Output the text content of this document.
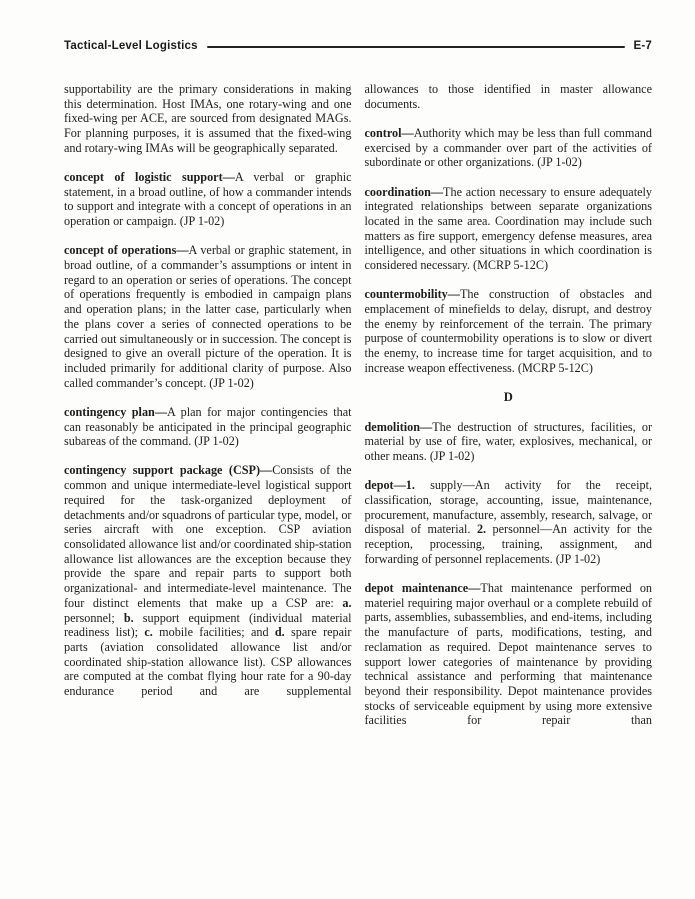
Tactical-Level Logistics	E-7

supportability are the primary considerations in making this determination. Host IMAs, one rotary-wing and one fixed-wing per ACE, are sourced from designated MAGs. For planning purposes, it is assumed that the fixed-wing and rotary-wing IMAs will be geographically separated.

concept of logistic support—A verbal or graphic statement, in a broad outline, of how a commander intends to support and integrate with a concept of operations in an operation or campaign. (JP 1-02)

concept of operations—A verbal or graphic statement, in broad outline, of a commander’s assumptions or intent in regard to an operation or series of operations. The concept of operations frequently is embodied in campaign plans and operation plans; in the latter case, particularly when the plans cover a series of connected operations to be carried out simultaneously or in succession. The concept is designed to give an overall picture of the operation. It is included primarily for additional clarity of purpose. Also called commander’s concept. (JP 1-02)

contingency plan—A plan for major contingencies that can reasonably be anticipated in the principal geographic subareas of the command. (JP 1-02)

contingency support package (CSP)—Consists of the common and unique intermediate-level logistical support required for the task-organized deployment of detachments and/or squadrons of particular type, model, or series aircraft with one exception. CSP aviation consolidated allowance list and/or coordinated ship-station allowance list allowances are the exception because they provide the spare and repair parts to support both organizational- and intermediate-level maintenance. The four distinct elements that make up a CSP are: a. personnel; b. support equipment (individual material readiness list); c. mobile facilities; and d. spare repair parts (aviation consolidated allowance list and/or coordinated ship-station allowance list). CSP allowances are computed at the combat flying hour rate for a 90-day endurance period and are supplemental

allowances to those identified in master allowance documents.

control—Authority which may be less than full command exercised by a commander over part of the activities of subordinate or other organizations. (JP 1-02)

coordination—The action necessary to ensure adequately integrated relationships between separate organizations located in the same area. Coordination may include such matters as fire support, emergency defense measures, area intelligence, and other situations in which coordination is considered necessary. (MCRP 5-12C)

countermobility—The construction of obstacles and emplacement of minefields to delay, disrupt, and destroy the enemy by reinforcement of the terrain. The primary purpose of countermobility operations is to slow or divert the enemy, to increase time for target acquisition, and to increase weapon effectiveness. (MCRP 5-12C)

D

demolition—The destruction of structures, facilities, or material by use of fire, water, explosives, mechanical, or other means. (JP 1-02)

depot—1. supply—An activity for the receipt, classification, storage, accounting, issue, maintenance, procurement, manufacture, assembly, research, salvage, or disposal of material. 2. personnel—An activity for the reception, processing, training, assignment, and forwarding of personnel replacements. (JP 1-02)

depot maintenance—That maintenance performed on materiel requiring major overhaul or a complete rebuild of parts, assemblies, subassemblies, and end-items, including the manufacture of parts, modifications, testing, and reclamation as required. Depot maintenance serves to support lower categories of maintenance by providing technical assistance and performing that maintenance beyond their responsibility. Depot maintenance provides stocks of serviceable equipment by using more extensive facilities for repair than
